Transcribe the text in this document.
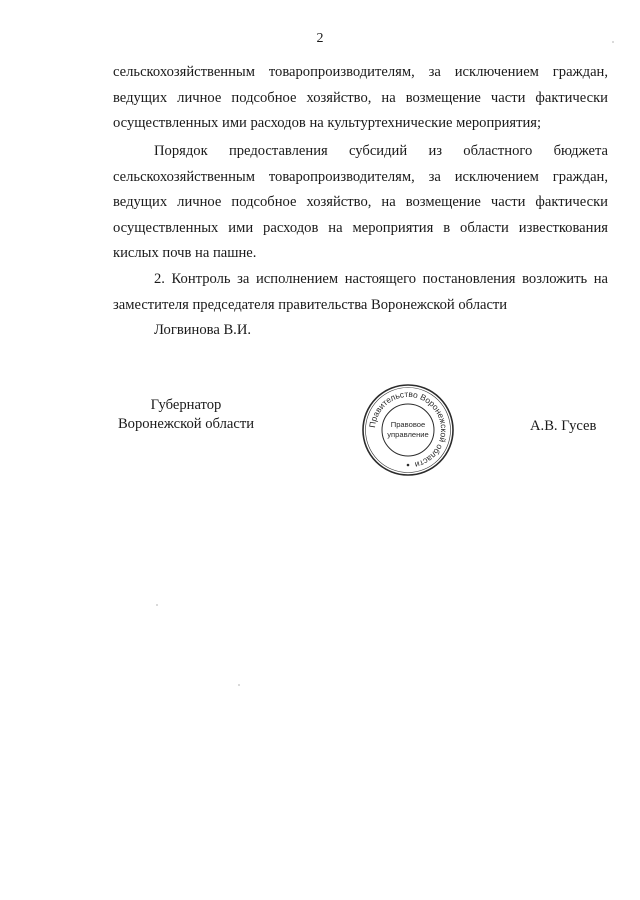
2

сельскохозяйственным товаропроизводителям, за исключением граждан, ведущих личное подсобное хозяйство, на возмещение части фактически осуществленных ими расходов на культуртехнические мероприятия;

Порядок предоставления субсидий из областного бюджета сельскохозяйственным товаропроизводителям, за исключением граждан, ведущих личное подсобное хозяйство, на возмещение части фактически осуществленных ими расходов на мероприятия в области известкования кислых почв на пашне.

2. Контроль за исполнением настоящего постановления возложить на заместителя председателя правительства Воронежской области
Логвинова В.И.

Губернатор
Воронежской области	Правительство Воронежской области
Правовое
управление
А.В. Гусев
